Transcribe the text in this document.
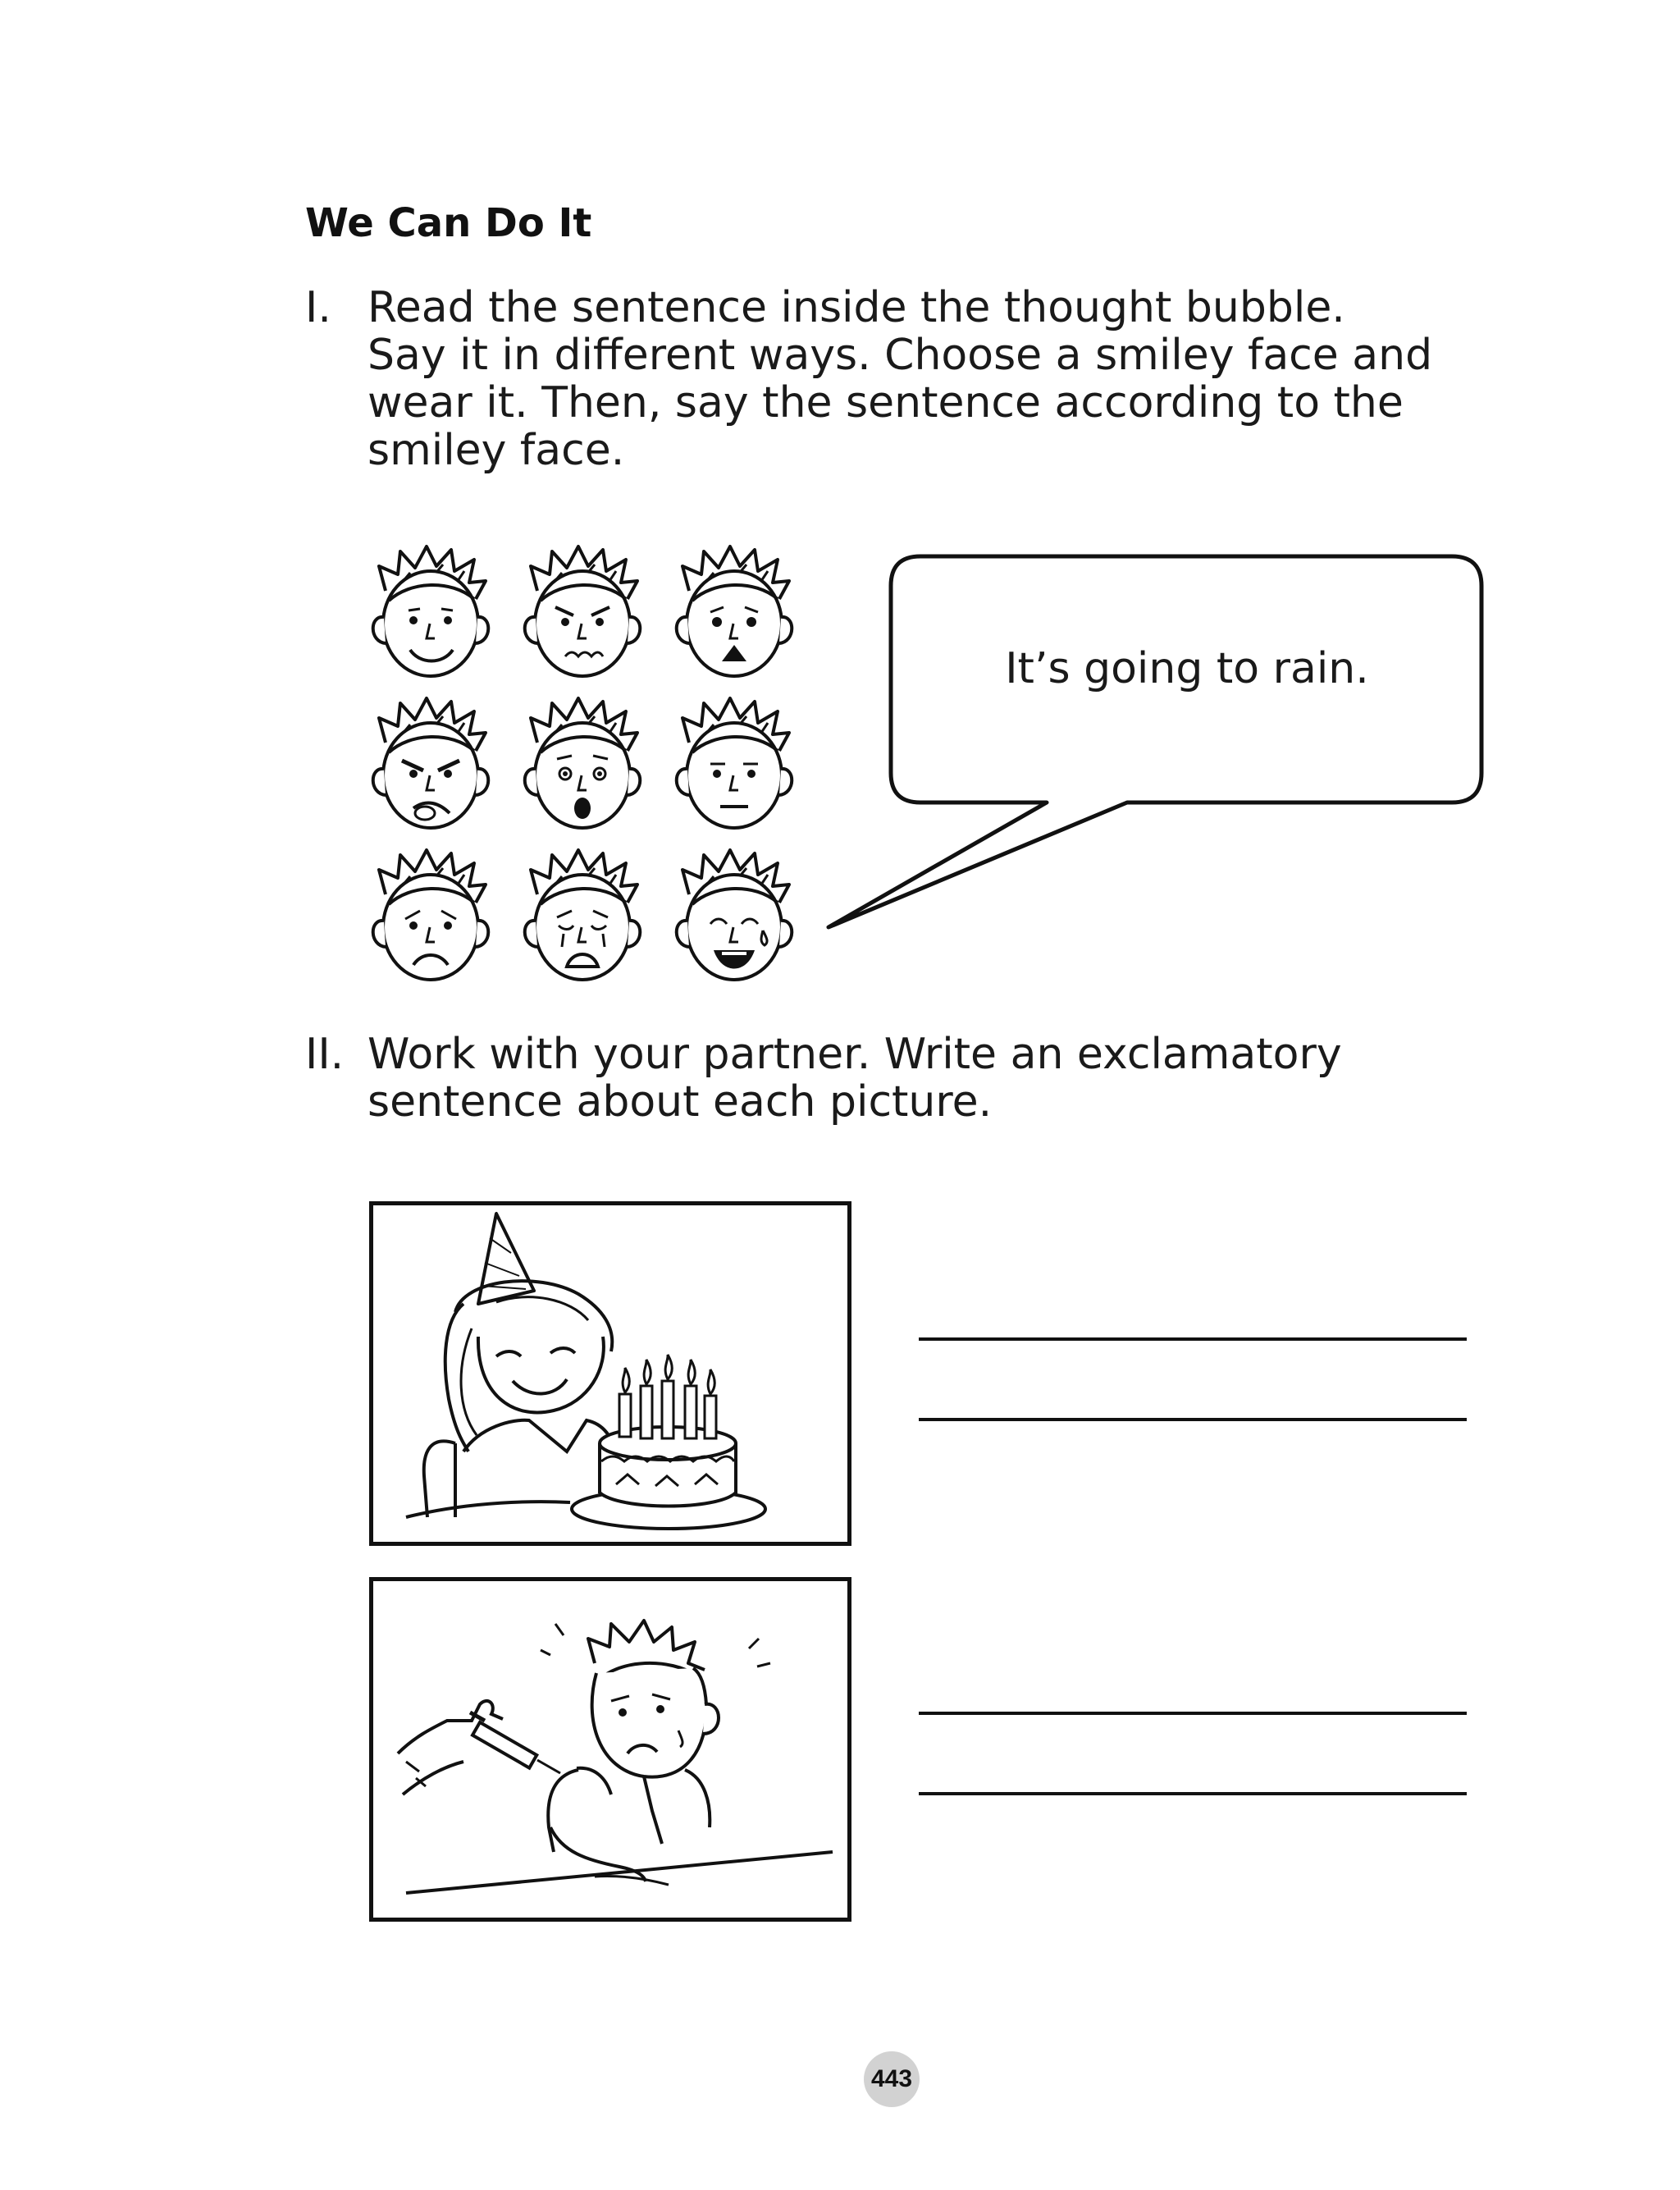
We Can Do It
I. Read the sentence inside the thought bubble.
Say it in different ways. Choose a smiley face and
wear it. Then, say the sentence according to the
smiley face.
It’s going to rain.
II. Work with your partner. Write an exclamatory
sentence about each picture.
443
